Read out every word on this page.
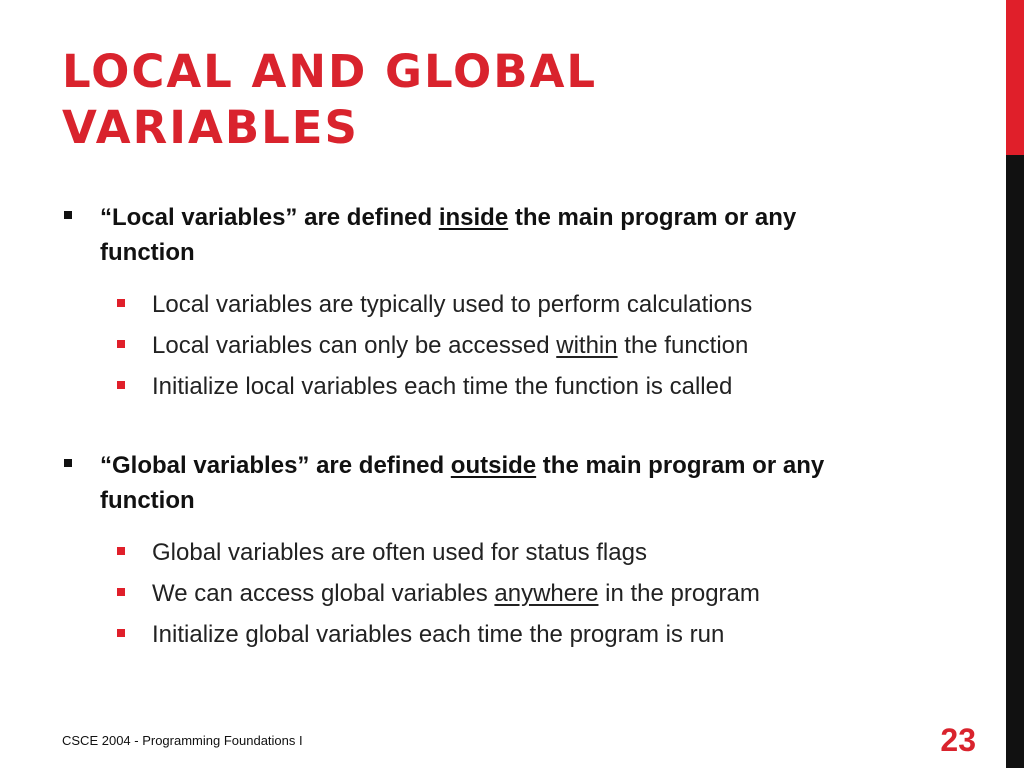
LOCAL AND GLOBAL
VARIABLES
“Local variables” are defined inside the main program or any function
Local variables are typically used to perform calculations
Local variables can only be accessed within the function
Initialize local variables each time the function is called
“Global variables” are defined outside the main program or any function
Global variables are often used for status flags
We can access global variables anywhere in the program
Initialize global variables each time the program is run
CSCE 2004 - Programming Foundations I	23
